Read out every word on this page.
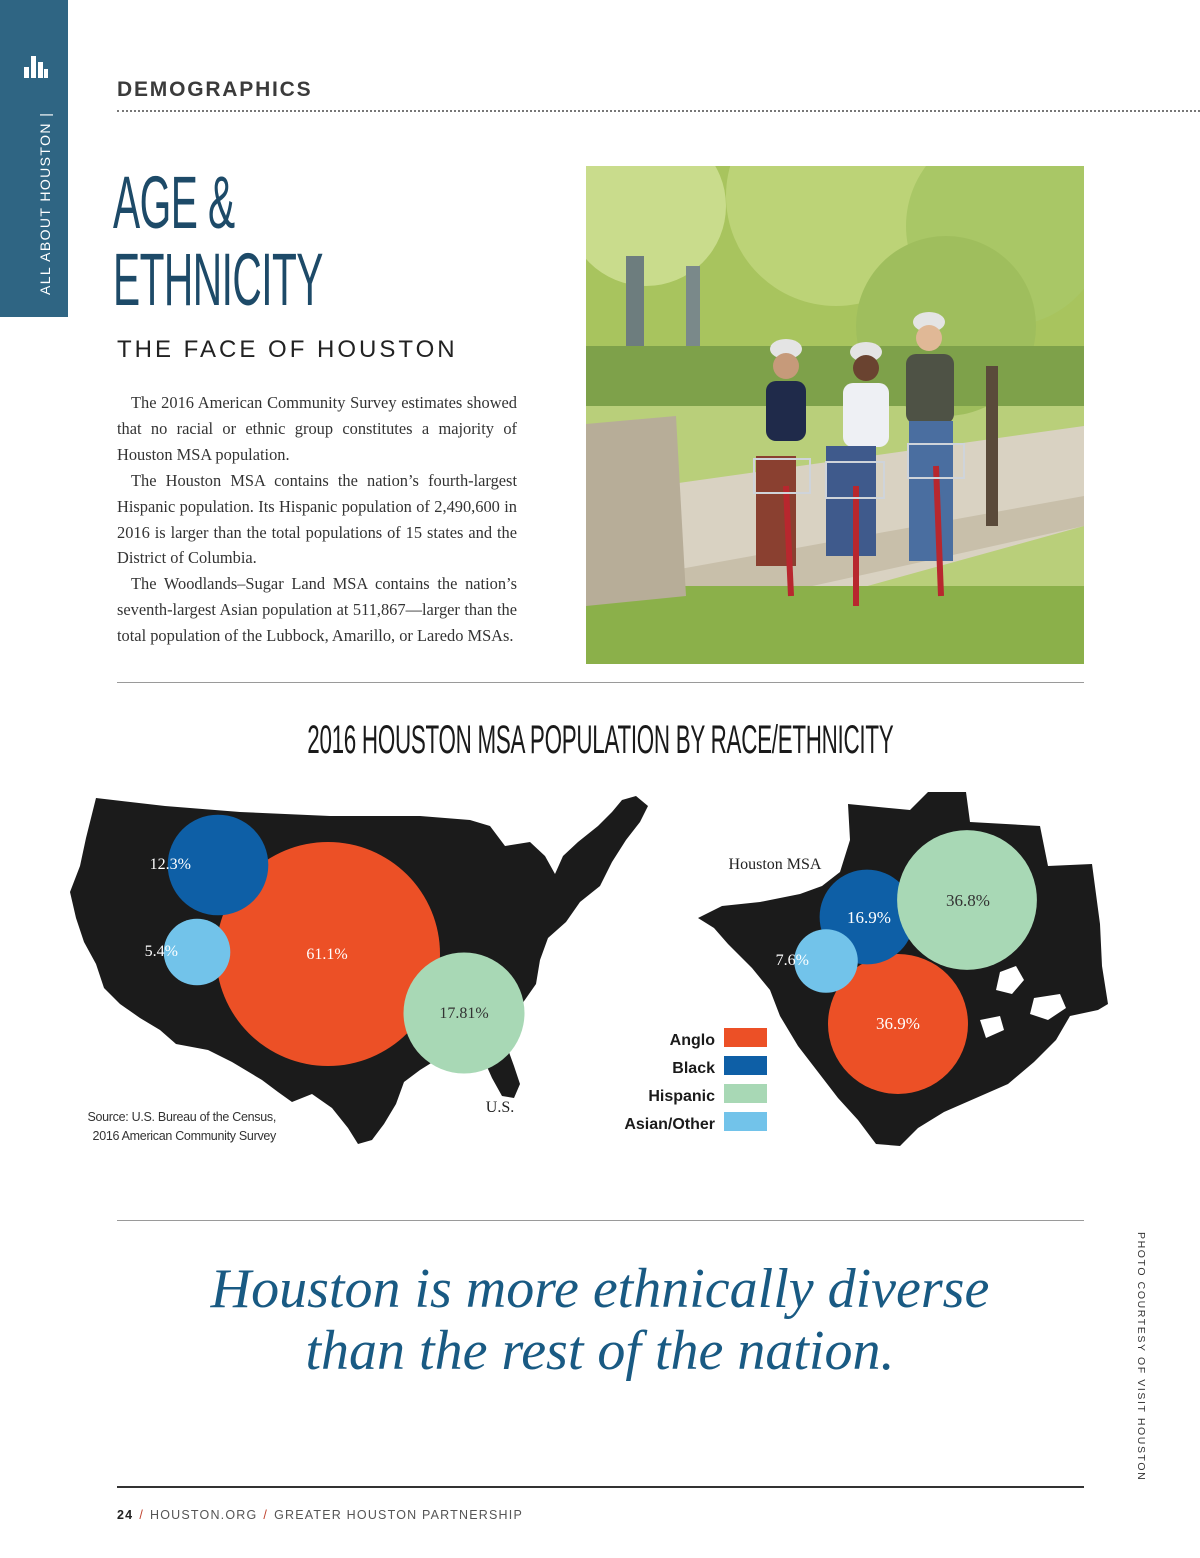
ALL ABOUT HOUSTON |
DEMOGRAPHICS
AGE &
ETHNICITY
THE FACE OF HOUSTON

The 2016 American Community Survey estimates showed that no racial or ethnic group constitutes a majority of Houston MSA population.

The Houston MSA contains the nation’s fourth-largest Hispanic population. Its Hispanic population of 2,490,600 in 2016 is larger than the total populations of 15 states and the District of Columbia.

The Woodlands–Sugar Land MSA contains the nation’s seventh-largest Asian population at 511,867—larger than the total population of the Lubbock, Amarillo, or Laredo MSAs.

2016 HOUSTON MSA POPULATION BY RACE/ETHNICITY
U.S.
Houston MSA
61.1%
12.3%
17.81%
5.4%
36.9%
16.9%
36.8%
7.6%
Anglo
Black
Hispanic
Asian/Other
Source: U.S. Bureau of the Census,
2016 American Community Survey
Houston is more ethnically diverse than the rest of the nation.	PHOTO COURTESY OF VISIT HOUSTON
24 / HOUSTON.ORG / GREATER HOUSTON PARTNERSHIP
